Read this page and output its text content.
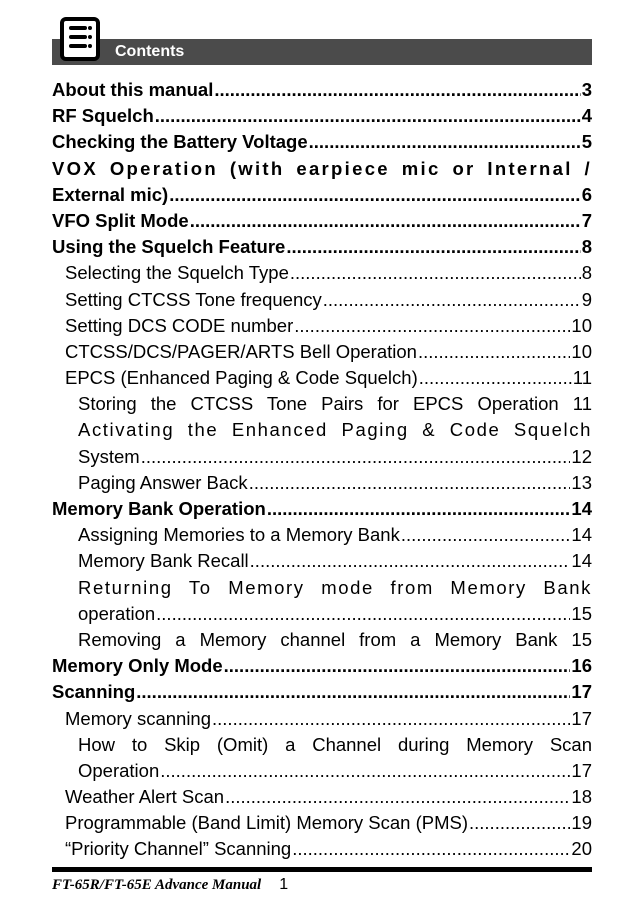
Contents
About this manual .....	3
RF Squelch .....	4
Checking the Battery Voltage .....	5
VOX Operation (with earpiece mic or Internal /
External mic) .....	6
VFO Split Mode .....	7
Using the Squelch Feature .....	8
Selecting the Squelch Type .....	8
Setting CTCSS Tone frequency .....	9
Setting DCS CODE number .....	10
CTCSS/DCS/PAGER/ARTS Bell Operation .....	10
EPCS (Enhanced Paging & Code Squelch) .....	11
Storing the CTCSS Tone Pairs for EPCS Operation 11
Activating the Enhanced Paging & Code Squelch
System .....	12
Paging Answer Back .....	13
Memory Bank Operation .....	14
Assigning Memories to a Memory Bank .....	14
Memory Bank Recall .....	14
Returning To Memory mode from Memory Bank
operation .....	15
Removing a Memory channel from a Memory Bank 15
Memory Only Mode .....	16
Scanning .....	17
Memory scanning .....	17
How to Skip (Omit) a Channel during Memory Scan
Operation .....	17
Weather Alert Scan .....	18
Programmable (Band Limit) Memory Scan (PMS) .....	19
“Priority Channel” Scanning .....	20
FT-65R/FT-65E Advance Manual 1
